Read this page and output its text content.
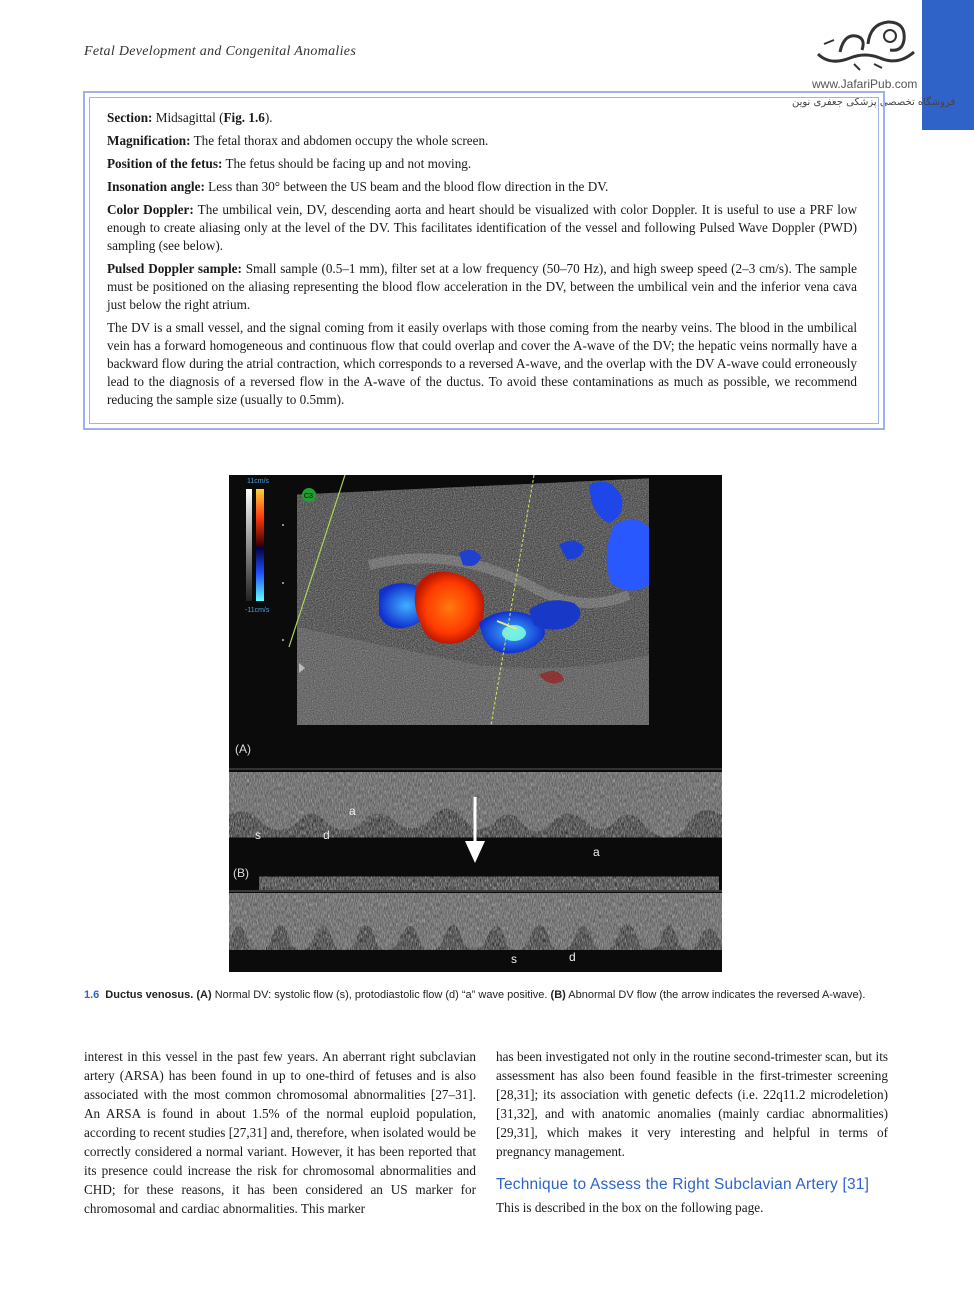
Fetal Development and Congenital Anomalies
www.JafariPub.com
فروشگاه تخصصی پزشکی جعفری نوین

Section: Midsagittal (Fig. 1.6).

Magnification: The fetal thorax and abdomen occupy the whole screen.

Position of the fetus: The fetus should be facing up and not moving.

Insonation angle: Less than 30° between the US beam and the blood flow direction in the DV.

Color Doppler: The umbilical vein, DV, descending aorta and heart should be visualized with color Doppler. It is useful to use a PRF low enough to create aliasing only at the level of the DV. This facilitates identification of the vessel and following Pulsed Wave Doppler (PWD) sampling (see below).

Pulsed Doppler sample: Small sample (0.5–1 mm), filter set at a low frequency (50–70 Hz), and high sweep speed (2–3 cm/s). The sample must be positioned on the aliasing representing the blood flow acceleration in the DV, between the umbilical vein and the inferior vena cava just below the right atrium.

The DV is a small vessel, and the signal coming from it easily overlaps with those coming from the nearby veins. The blood in the umbilical vein has a forward homogeneous and continuous flow that could overlap and cover the A-wave of the DV; the hepatic veins normally have a backward flow during the atrial contraction, which corresponds to a reversed A-wave, and the overlap with the DV A-wave could erroneously lead to the diagnosis of a reversed flow in the A-wave of the ductus. To avoid these contaminations as much as possible, we recommend reducing the sample size (usually to 0.5mm).

11cm/s
-11cm/s
C3
(A)
a
s	d
a
(B)
s	d
1.6 Ductus venosus. (A) Normal DV: systolic flow (s), protodiastolic flow (d) “a” wave positive. (B) Abnormal DV flow (the arrow indicates the reversed A-wave).

interest in this vessel in the past few years. An aberrant right subclavian artery (ARSA) has been found in up to one-third of fetuses and is also associated with the most common chromosomal abnormalities [27–31]. An ARSA is found in about 1.5% of the normal euploid population, according to recent studies [27,31] and, therefore, when isolated would be correctly considered a normal variant. However, it has been reported that its presence could increase the risk for chromosomal abnormalities and CHD; for these reasons, it has been considered an US marker for chromosomal and cardiac abnormalities. This marker

has been investigated not only in the routine second-trimester scan, but its assessment has also been found feasible in the first-trimester screening [28,31]; its association with genetic defects (i.e. 22q11.2 microdeletion) [31,32], and with anatomic anomalies (mainly cardiac abnormalities) [29,31], which makes it very interesting and helpful in terms of pregnancy management.

Technique to Assess the Right Subclavian Artery [31]

This is described in the box on the following page.
